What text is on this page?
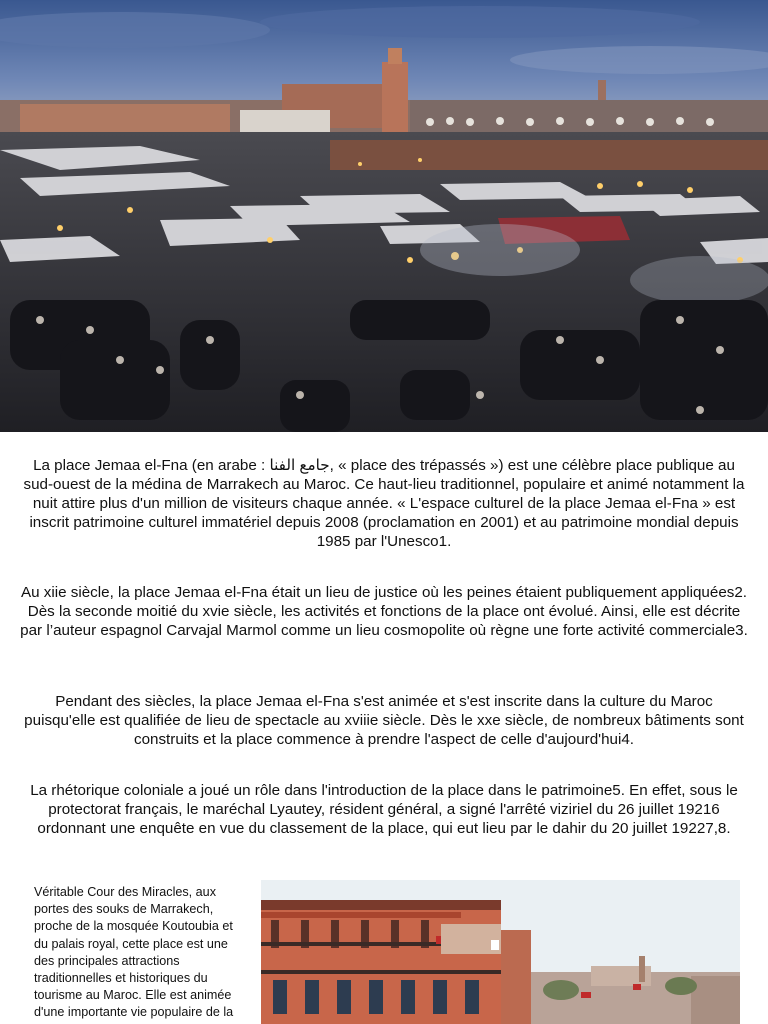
La place Jemaa el-Fna (en arabe : جامع الفنا, « place des trépassés ») est une célèbre place publique au sud-ouest de la médina de Marrakech au Maroc. Ce haut-lieu traditionnel, populaire et animé notamment la nuit attire plus d'un million de visiteurs chaque année. « L'espace culturel de la place Jemaa el-Fna » est inscrit patrimoine culturel immatériel depuis 2008 (proclamation en 2001) et au patrimoine mondial depuis 1985 par l'Unesco1.

Au xiie siècle, la place Jemaa el-Fna était un lieu de justice où les peines étaient publiquement appliquées2. Dès la seconde moitié du xvie siècle, les activités et fonctions de la place ont évolué. Ainsi, elle est décrite par l’auteur espagnol Carvajal Marmol comme un lieu cosmopolite où règne une forte activité commerciale3.

Pendant des siècles, la place Jemaa el-Fna s'est animée et s'est inscrite dans la culture du Maroc puisqu'elle est qualifiée de lieu de spectacle au xviiie siècle. Dès le xxe siècle, de nombreux bâtiments sont construits et la place commence à prendre l'aspect de celle d'aujourd'hui4.

La rhétorique coloniale a joué un rôle dans l'introduction de la place dans le patrimoine5. En effet, sous le protectorat français, le maréchal Lyautey, résident général, a signé l'arrêté viziriel du 26 juillet 19216 ordonnant une enquête en vue du classement de la place, qui eut lieu par le dahir du 20 juillet 19227,8.

Véritable Cour des Miracles, aux portes des souks de Marrakech, proche de la mosquée Koutoubia et du palais royal, cette place est une des principales attractions traditionnelles et historiques du tourisme au Maroc. Elle est animée d'une importante vie populaire de la
